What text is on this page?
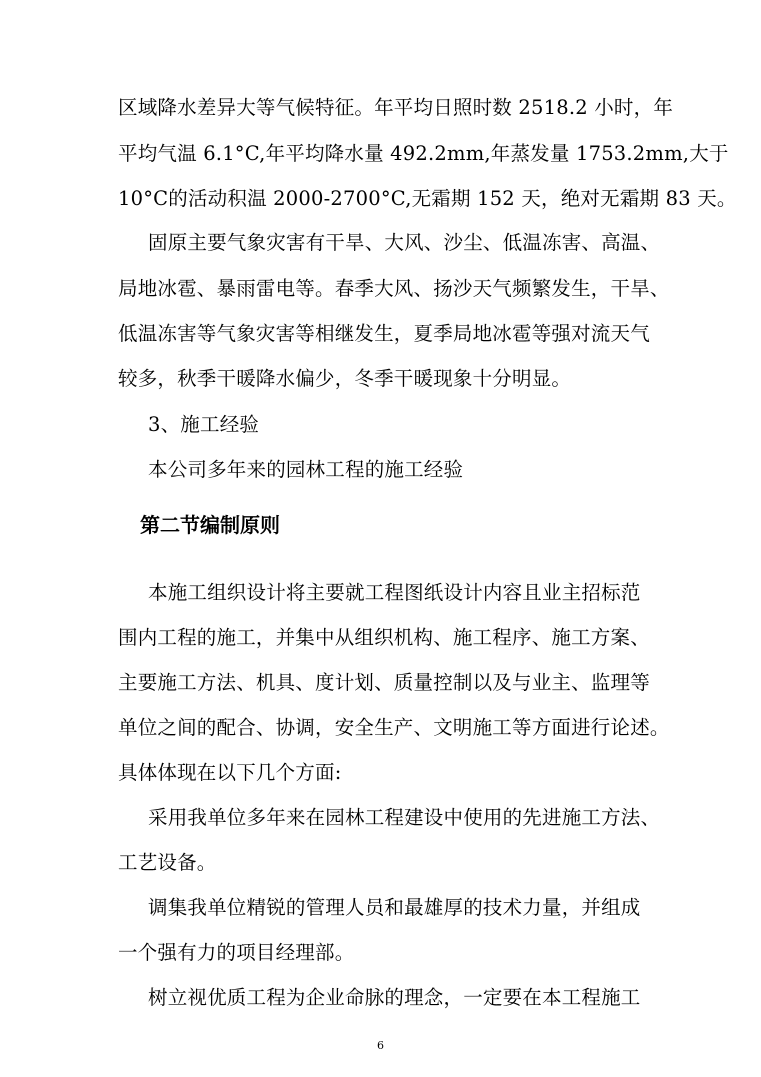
区域降水差异大等气候特征。年平均日照时数 2518.2 小时，年
平均气温 6.1°C,年平均降水量 492.2mm,年蒸发量 1753.2mm,大于
10°C的活动积温 2000-2700°C,无霜期 152 天，绝对无霜期 83 天。
固原主要气象灾害有干旱、大风、沙尘、低温冻害、高温、
局地冰雹、暴雨雷电等。春季大风、扬沙天气频繁发生，干旱、
低温冻害等气象灾害等相继发生，夏季局地冰雹等强对流天气
较多，秋季干暖降水偏少，冬季干暖现象十分明显。
3、施工经验
本公司多年来的园林工程的施工经验
第二节编制原则
本施工组织设计将主要就工程图纸设计内容且业主招标范
围内工程的施工，并集中从组织机构、施工程序、施工方案、
主要施工方法、机具、度计划、质量控制以及与业主、监理等
单位之间的配合、协调，安全生产、文明施工等方面进行论述。
具体体现在以下几个方面:
采用我单位多年来在园林工程建设中使用的先进施工方法、
工艺设备。
调集我单位精锐的管理人员和最雄厚的技术力量，并组成
一个强有力的项目经理部。
树立视优质工程为企业命脉的理念，一定要在本工程施工
6
